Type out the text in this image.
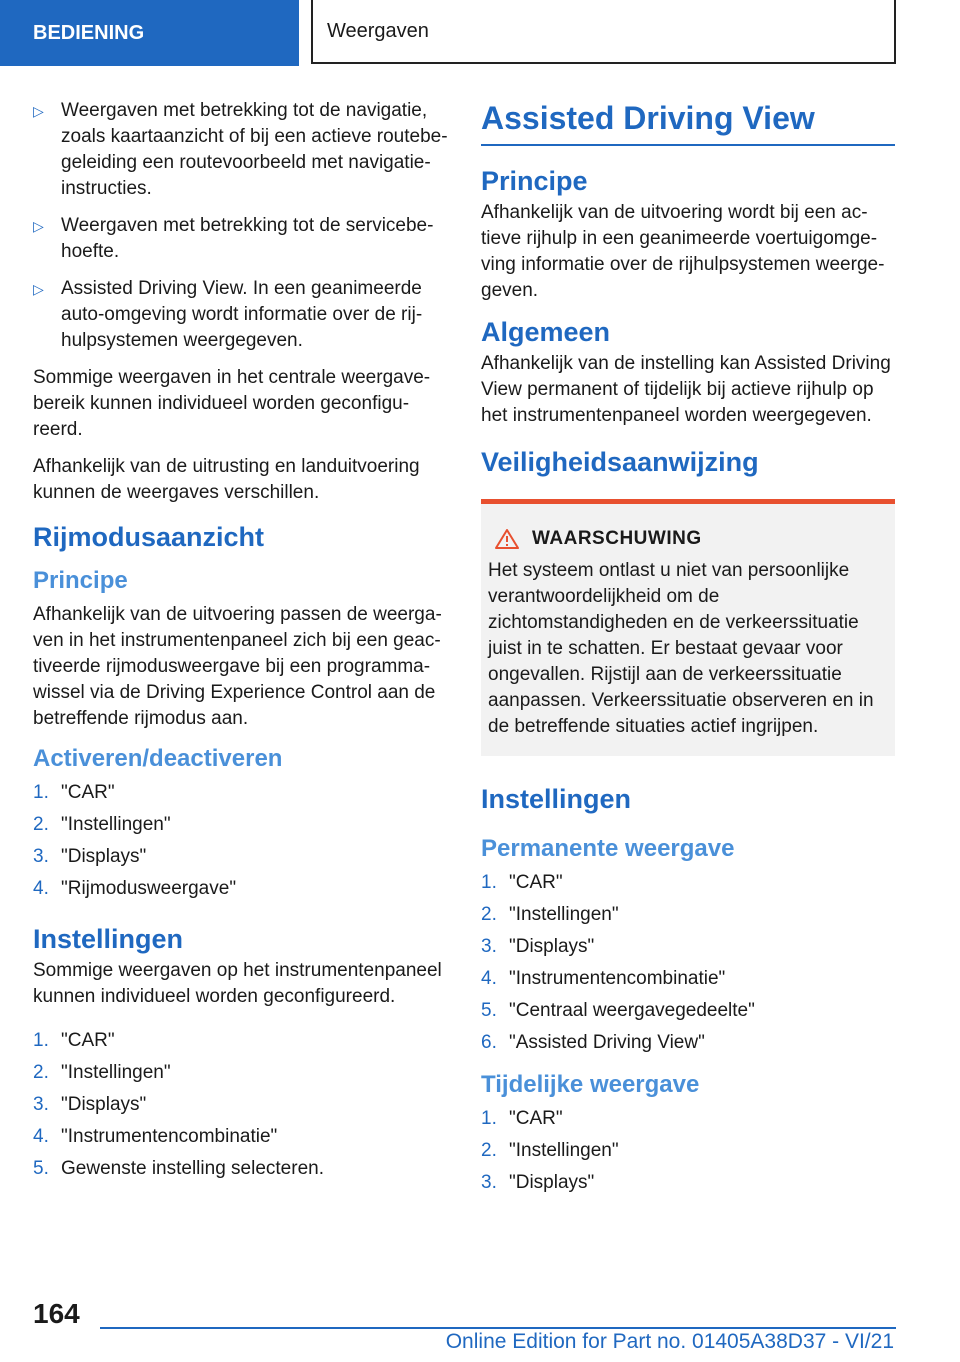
BEDIENING	Weergaven
▷ Weergaven met betrekking tot de navigatie, zoals kaartaanzicht of bij een actieve routebegeleiding een routevoorbeeld met navigatieinstructies.
▷ Weergaven met betrekking tot de servicebehoefte.
▷ Assisted Driving View. In een geanimeerde auto-omgeving wordt informatie over de rijhulpsystemen weergegeven.

Sommige weergaven in het centrale weergavebereik kunnen individueel worden geconfigureerd.

Afhankelijk van de uitrusting en landuitvoering kunnen de weergaves verschillen.

Rijmodusaanzicht
Principe

Afhankelijk van de uitvoering passen de weergaven in het instrumentenpaneel zich bij een geactiveerde rijmodusweergave bij een programmawissel via de Driving Experience Control aan de betreffende rijmodus aan.

Activeren/deactiveren
1. "CAR"
2. "Instellingen"
3. "Displays"
4. "Rijmodusweergave"
Instellingen

Sommige weergaven op het instrumentenpaneel kunnen individueel worden geconfigureerd.

1. "CAR"
2. "Instellingen"
3. "Displays"
4. "Instrumentencombinatie"
5. Gewenste instelling selecteren.
Assisted Driving View
Principe

Afhankelijk van de uitvoering wordt bij een actieve rijhulp in een geanimeerde voertuigomgeving informatie over de rijhulpsystemen weergegeven.

Algemeen

Afhankelijk van de instelling kan Assisted Driving View permanent of tijdelijk bij actieve rijhulp op het instrumentenpaneel worden weergegeven.

Veiligheidsaanwijzing
WAARSCHUWING

Het systeem ontlast u niet van persoonlijke verantwoordelijkheid om de zichtomstandigheden en de verkeerssituatie juist in te schatten. Er bestaat gevaar voor ongevallen. Rijstijl aan de verkeerssituatie aanpassen. Verkeerssituatie observeren en in de betreffende situaties actief ingrijpen.

Instellingen
Permanente weergave
1. "CAR"
2. "Instellingen"
3. "Displays"
4. "Instrumentencombinatie"
5. "Centraal weergavegedeelte"
6. "Assisted Driving View"
Tijdelijke weergave
1. "CAR"
2. "Instellingen"
3. "Displays"
164
Online Edition for Part no. 01405A38D37 - VI/21
